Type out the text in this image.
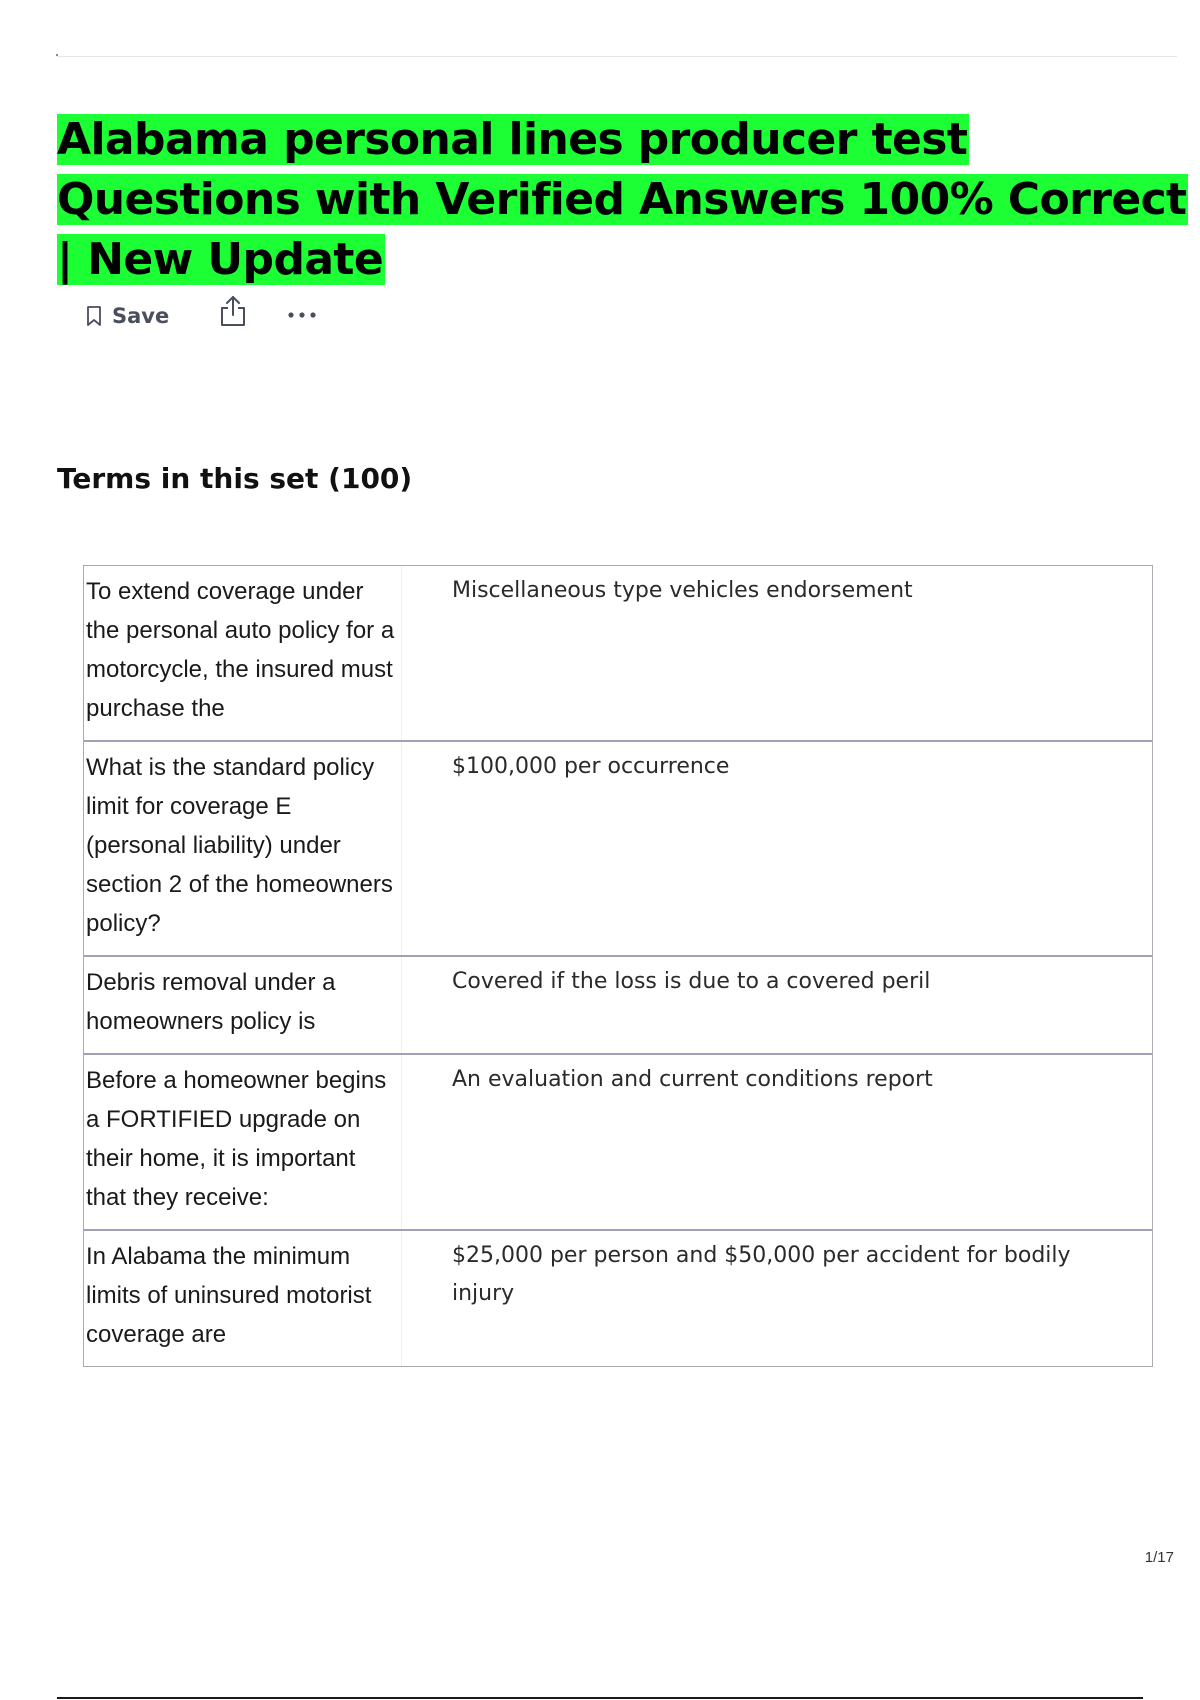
Alabama personal lines producer test Questions with Verified Answers 100% Correct | New Update
Save
Terms in this set (100)
To extend coverage under the personal auto policy for a motorcycle, the insured must purchase the
Miscellaneous type vehicles endorsement
What is the standard policy limit for coverage E (personal liability) under section 2 of the homeowners policy?
$100,000 per occurrence
Debris removal under a homeowners policy is
Covered if the loss is due to a covered peril
Before a homeowner begins a FORTIFIED upgrade on their home, it is important that they receive:
An evaluation and current conditions report
In Alabama the minimum limits of uninsured motorist coverage are
$25,000 per person and $50,000 per accident for bodily injury
1/17
